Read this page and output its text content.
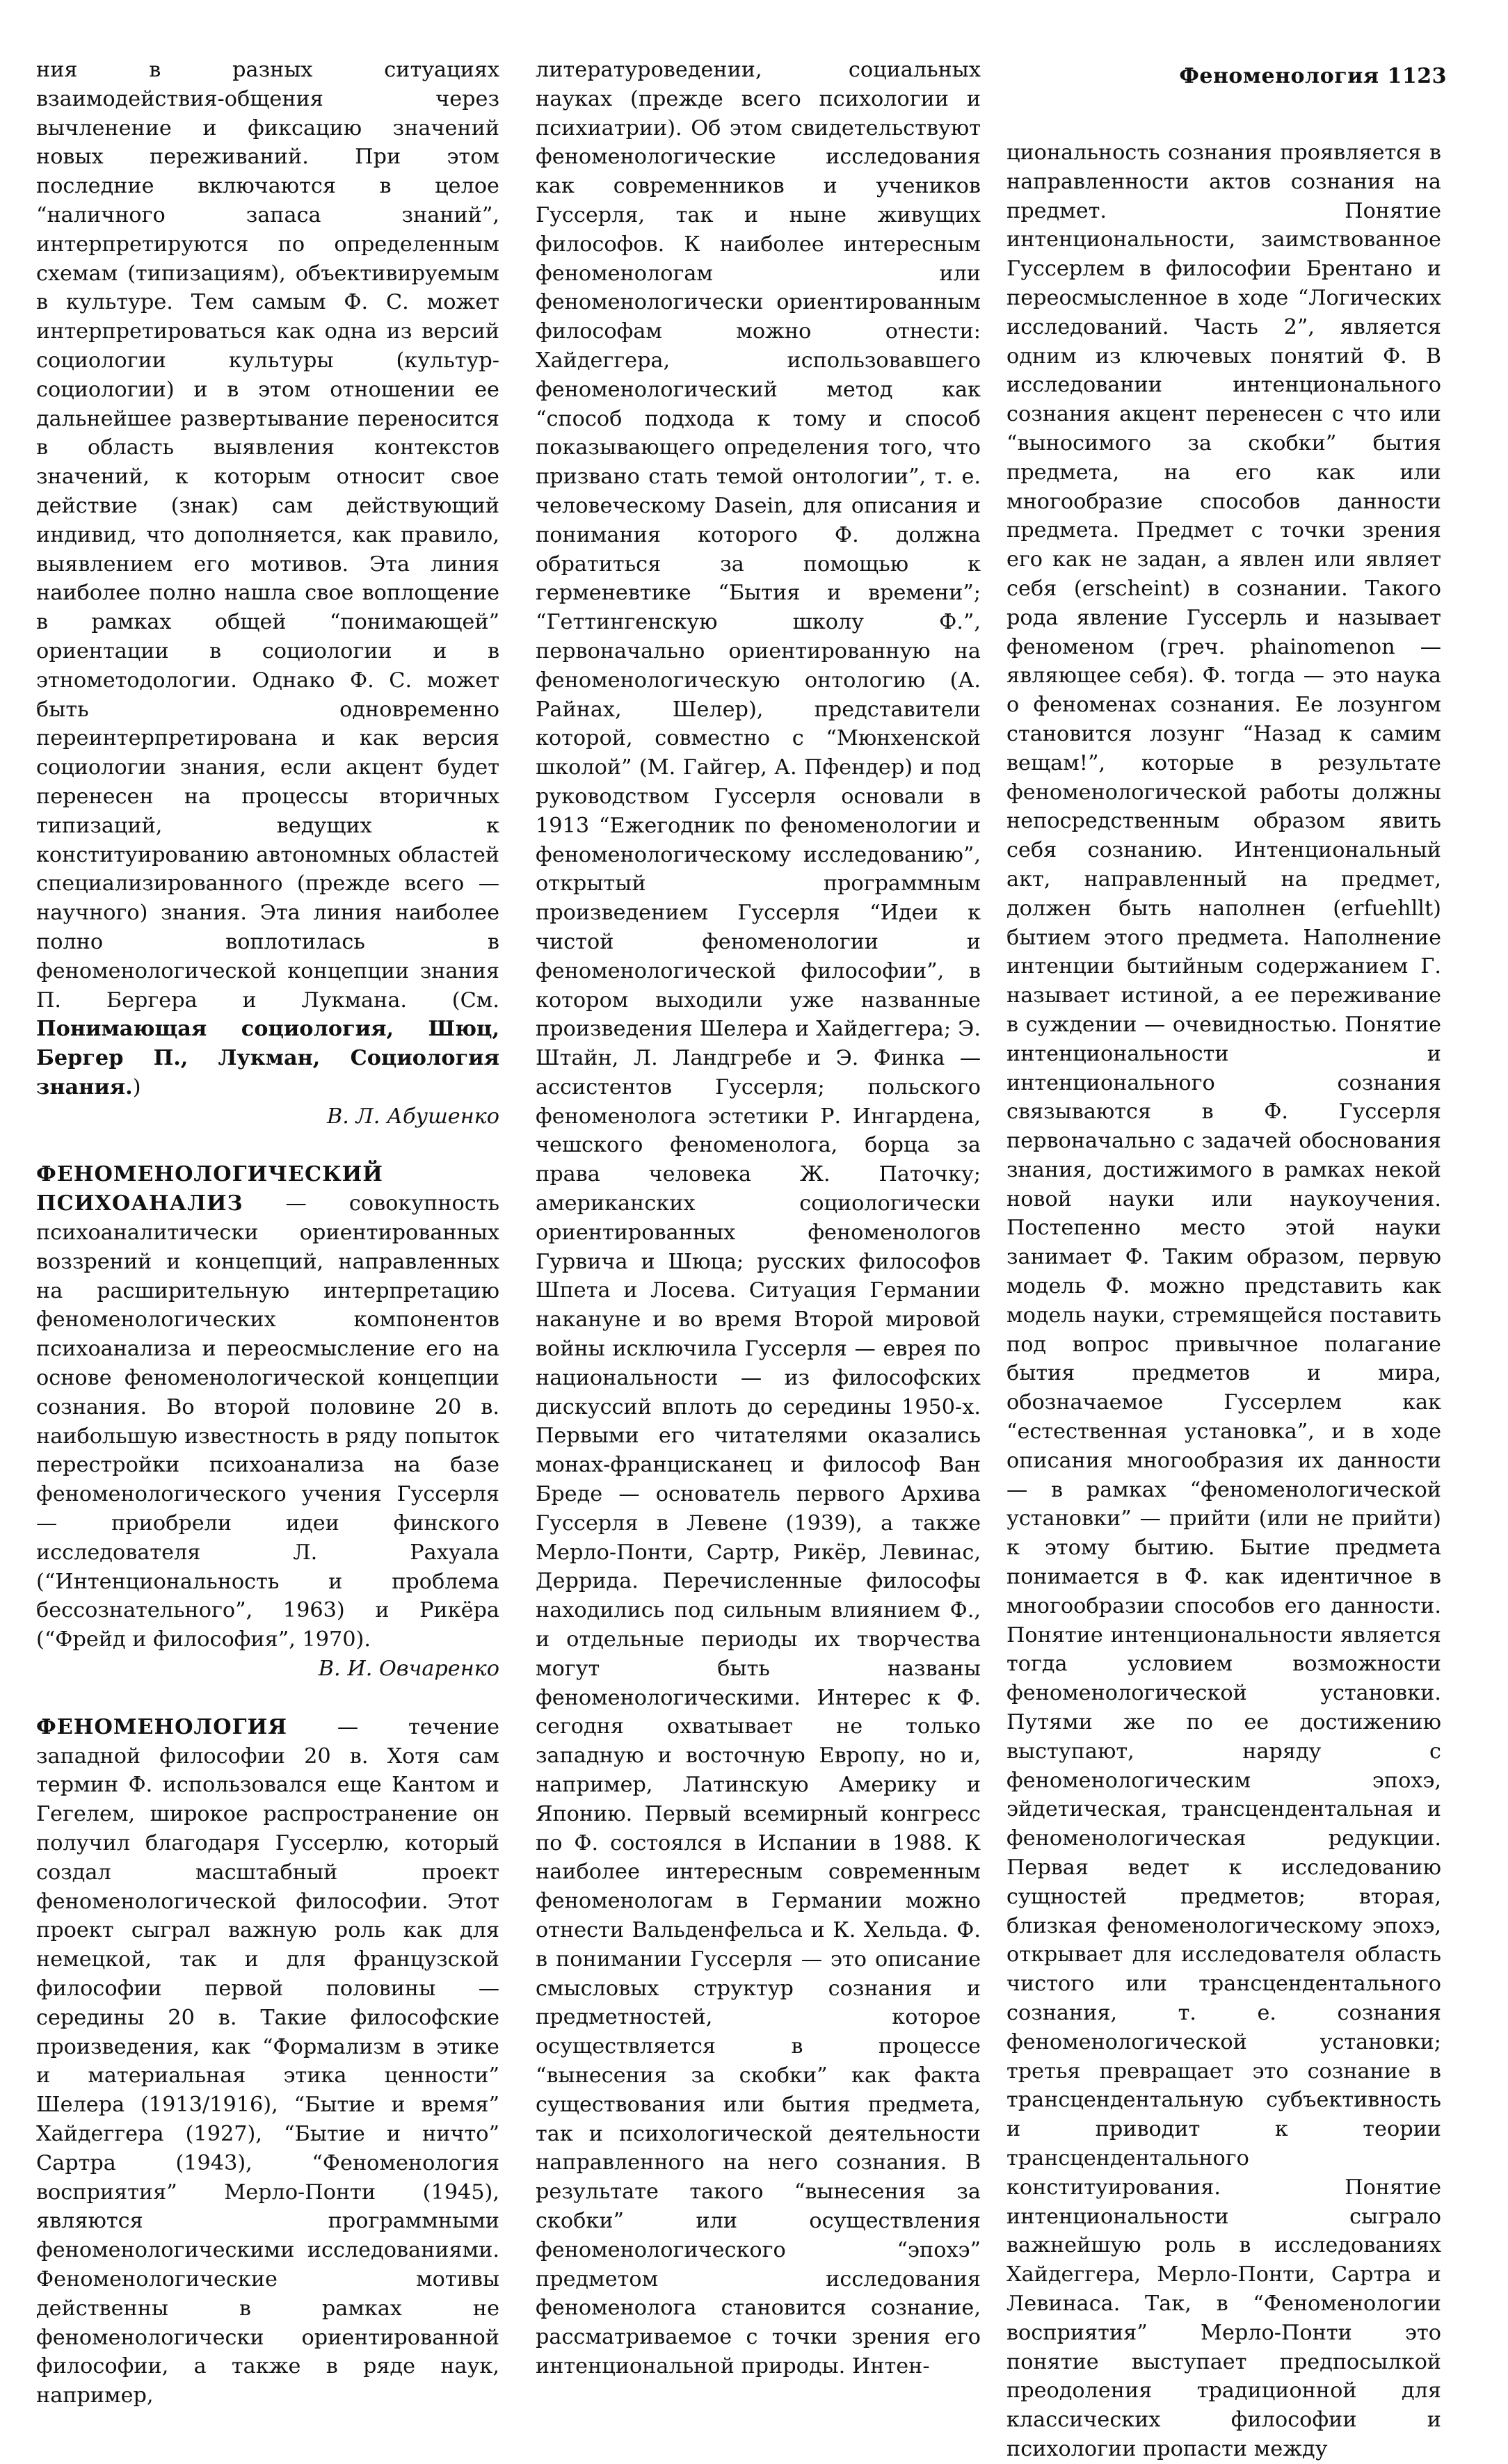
Феноменология 1123

ния в разных ситуациях взаимодействия-общения через вычленение и фиксацию значений новых переживаний. При этом последние включаются в целое “наличного запаса знаний”, интерпретируются по определенным схемам (типизациям), объективируемым в культуре. Тем самым Ф. С. может интерпретироваться как одна из версий социологии культуры (культур-социологии) и в этом отношении ее дальнейшее развертывание переносится в область выявления контекстов значений, к которым относит свое действие (знак) сам действующий индивид, что дополняется, как правило, выявлением его мотивов. Эта линия наиболее полно нашла свое воплощение в рамках общей “понимающей” ориентации в социологии и в этнометодологии. Однако Ф. С. может быть одновременно переинтерпретирована и как версия социологии знания, если акцент будет перенесен на процессы вторичных типизаций, ведущих к конституированию автономных областей специализированного (прежде всего — научного) знания. Эта линия наиболее полно воплотилась в феноменологической концепции знания П. Бергера и Лукмана. (См. Понимающая социология, Шюц, Бергер П., Лукман, Социология знания.)

В. Л. Абушенко

ФЕНОМЕНОЛОГИЧЕСКИЙ ПСИХОАНАЛИЗ — совокупность психоаналитически ориентированных воззрений и концепций, направленных на расширительную интерпретацию феноменологических компонентов психоанализа и переосмысление его на основе феноменологической концепции сознания. Во второй половине 20 в. наибольшую известность в ряду попыток перестройки психоанализа на базе феноменологического учения Гуссерля — приобрели идеи финского исследователя Л. Рахуала (“Интенциональность и проблема бессознательного”, 1963) и Рикёра (“Фрейд и философия”, 1970).

В. И. Овчаренко

ФЕНОМЕНОЛОГИЯ — течение западной философии 20 в. Хотя сам термин Ф. использовался еще Кантом и Гегелем, широкое распространение он получил благодаря Гуссерлю, который создал масштабный проект феноменологической философии. Этот проект сыграл важную роль как для немецкой, так и для французской философии первой половины — середины 20 в. Такие философские произведения, как “Формализм в этике и материальная этика ценности” Шелера (1913/1916), “Бытие и время” Хайдеггера (1927), “Бытие и ничто” Сартра (1943), “Феноменология восприятия” Мерло-Понти (1945), являются программными феноменологическими исследованиями. Феноменологические мотивы действенны в рамках не феноменологически ориентированной философии, а также в ряде наук, например,

литературоведении, социальных науках (прежде всего психологии и психиатрии). Об этом свидетельствуют феноменологические исследования как современников и учеников Гуссерля, так и ныне живущих философов. К наиболее интересным феноменологам или феноменологически ориентированным философам можно отнести: Хайдеггера, использовавшего феноменологический метод как “способ подхода к тому и способ показывающего определения того, что призвано стать темой онтологии”, т. е. человеческому Dasein, для описания и понимания которого Ф. должна обратиться за помощью к герменевтике “Бытия и времени”; “Геттингенскую школу Ф.”, первоначально ориентированную на феноменологическую онтологию (А. Райнах, Шелер), представители которой, совместно с “Мюнхенской школой” (М. Гайгер, А. Пфендер) и под руководством Гуссерля основали в 1913 “Ежегодник по феноменологии и феноменологическому исследованию”, открытый программным произведением Гуссерля “Идеи к чистой феноменологии и феноменологической философии”, в котором выходили уже названные произведения Шелера и Хайдеггера; Э. Штайн, Л. Ландгребе и Э. Финка — ассистентов Гуссерля; польского феноменолога эстетики Р. Ингардена, чешского феноменолога, борца за права человека Ж. Паточку; американских социологически ориентированных феноменологов Гурвича и Шюца; русских философов Шпета и Лосева. Ситуация Германии накануне и во время Второй мировой войны исключила Гуссерля — еврея по национальности — из философских дискуссий вплоть до середины 1950-х. Первыми его читателями оказались монах-францисканец и философ Ван Бреде — основатель первого Архива Гуссерля в Левене (1939), а также Мерло-Понти, Сартр, Рикёр, Левинас, Деррида. Перечисленные философы находились под сильным влиянием Ф., и отдельные периоды их творчества могут быть названы феноменологическими. Интерес к Ф. сегодня охватывает не только западную и восточную Европу, но и, например, Латинскую Америку и Японию. Первый всемирный конгресс по Ф. состоялся в Испании в 1988. К наиболее интересным современным феноменологам в Германии можно отнести Вальденфельса и К. Хельда. Ф. в понимании Гуссерля — это описание смысловых структур сознания и предметностей, которое осуществляется в процессе “вынесения за скобки” как факта существования или бытия предмета, так и психологической деятельности направленного на него сознания. В результате такого “вынесения за скобки” или осуществления феноменологического “эпохэ” предметом исследования феноменолога становится сознание, рассматриваемое с точки зрения его интенциональной природы. Интен-

циональность сознания проявляется в направленности актов сознания на предмет. Понятие интенциональности, заимствованное Гуссерлем в философии Брентано и переосмысленное в ходе “Логических исследований. Часть 2”, является одним из ключевых понятий Ф. В исследовании интенционального сознания акцент перенесен с что или “выносимого за скобки” бытия предмета, на его как или многообразие способов данности предмета. Предмет с точки зрения его как не задан, а явлен или являет себя (erscheint) в сознании. Такого рода явление Гуссерль и называет феноменом (греч. phainomenon — являющее себя). Ф. тогда — это наука о феноменах сознания. Ее лозунгом становится лозунг “Назад к самим вещам!”, которые в результате феноменологической работы должны непосредственным образом явить себя сознанию. Интенциональный акт, направленный на предмет, должен быть наполнен (erfuehllt) бытием этого предмета. Наполнение интенции бытийным содержанием Г. называет истиной, а ее переживание в суждении — очевидностью. Понятие интенциональности и интенционального сознания связываются в Ф. Гуссерля первоначально с задачей обоснования знания, достижимого в рамках некой новой науки или наукоучения. Постепенно место этой науки занимает Ф. Таким образом, первую модель Ф. можно представить как модель науки, стремящейся поставить под вопрос привычное полагание бытия предметов и мира, обозначаемое Гуссерлем как “естественная установка”, и в ходе описания многообразия их данности — в рамках “феноменологической установки” — прийти (или не прийти) к этому бытию. Бытие предмета понимается в Ф. как идентичное в многообразии способов его данности. Понятие интенциональности является тогда условием возможности феноменологической установки. Путями же по ее достижению выступают, наряду с феноменологическим эпохэ, эйдетическая, трансцендентальная и феноменологическая редукции. Первая ведет к исследованию сущностей предметов; вторая, близкая феноменологическому эпохэ, открывает для исследователя область чистого или трансцендентального сознания, т. е. сознания феноменологической установки; третья превращает это сознание в трансцендентальную субъективность и приводит к теории трансцендентального конституирования. Понятие интенциональности сыграло важнейшую роль в исследованиях Хайдеггера, Мерло-Понти, Сартра и Левинаса. Так, в “Феноменологии восприятия” Мерло-Понти это понятие выступает предпосылкой преодоления традиционной для классических философии и психологии пропасти между
